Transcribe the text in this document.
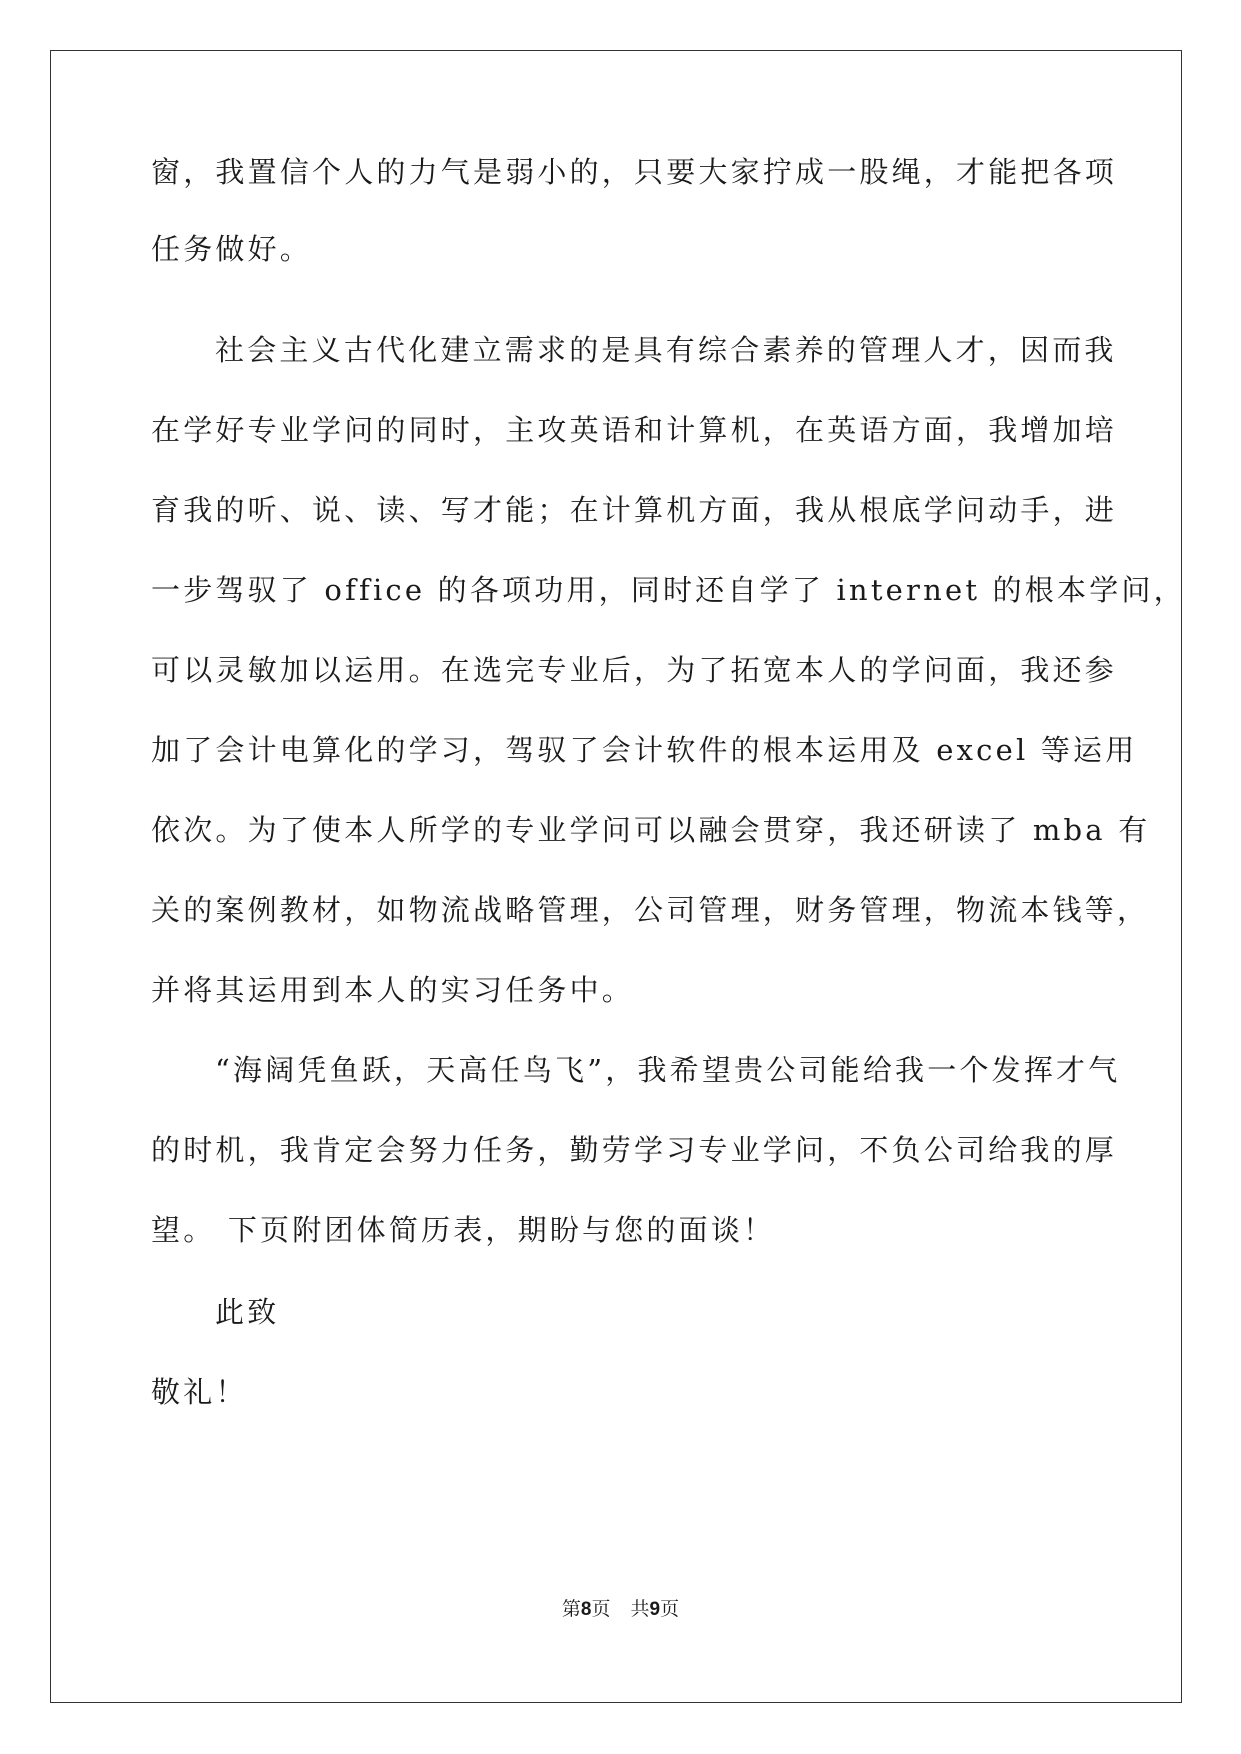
窗，我置信个人的力气是弱小的，只要大家拧成一股绳，才能把各项
任务做好。
社会主义古代化建立需求的是具有综合素养的管理人才，因而我
在学好专业学问的同时，主攻英语和计算机，在英语方面，我增加培
育我的听、说、读、写才能；在计算机方面，我从根底学问动手，进
一步驾驭了 office 的各项功用，同时还自学了 internet 的根本学问，
可以灵敏加以运用。在选完专业后，为了拓宽本人的学问面，我还参
加了会计电算化的学习，驾驭了会计软件的根本运用及 excel 等运用
依次。为了使本人所学的专业学问可以融会贯穿，我还研读了 mba 有
关的案例教材，如物流战略管理，公司管理，财务管理，物流本钱等，
并将其运用到本人的实习任务中。
“海阔凭鱼跃，天高任鸟飞”，我希望贵公司能给我一个发挥才气
的时机，我肯定会努力任务，勤劳学习专业学问，不负公司给我的厚
望。 下页附团体简历表，期盼与您的面谈！
此致
敬礼！
第8页 共9页
